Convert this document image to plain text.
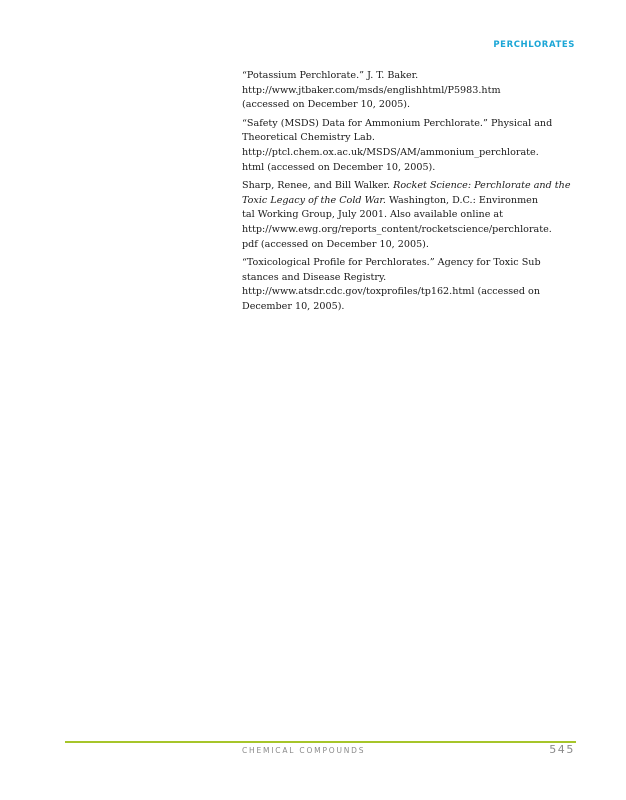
PERCHLORATES

“Potassium Perchlorate.” J. T. Baker.
http://www.jtbaker.com/msds/englishhtml/P5983.htm
(accessed on December 10, 2005).

“Safety (MSDS) Data for Ammonium Perchlorate.” Physical and
Theoretical Chemistry Lab.
http://ptcl.chem.ox.ac.uk/MSDS/AM/ammonium_perchlorate.
html (accessed on December 10, 2005).

Sharp, Renee, and Bill Walker. Rocket Science: Perchlorate and the
Toxic Legacy of the Cold War. Washington, D.C.: Environmen
tal Working Group, July 2001. Also available online at
http://www.ewg.org/reports_content/rocketscience/perchlorate.
pdf (accessed on December 10, 2005).

“Toxicological Profile for Perchlorates.” Agency for Toxic Sub
stances and Disease Registry.
http://www.atsdr.cdc.gov/toxprofiles/tp162.html (accessed on
December 10, 2005).

CHEMICAL COMPOUNDS	545
